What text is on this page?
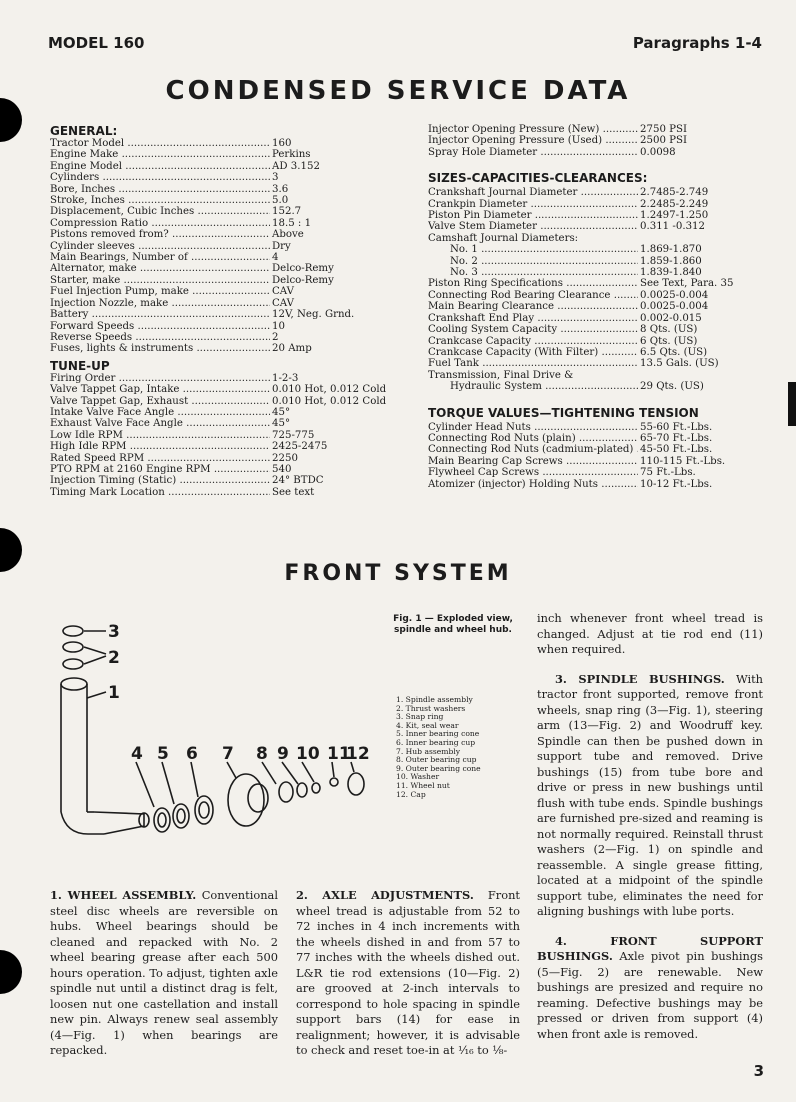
MODEL 160	Paragraphs 1-4
CONDENSED SERVICE DATA
GENERAL:
Tractor Model .....	160
Engine Make .....	Perkins
Engine Model .....	AD 3.152
Cylinders .....	3
Bore, Inches .....	3.6
Stroke, Inches .....	5.0
Displacement, Cubic Inches .....	152.7
Compression Ratio .....	18.5 : 1
Pistons removed from? .....	Above
Cylinder sleeves .....	Dry
Main Bearings, Number of .....	4
Alternator, make .....	Delco-Remy
Starter, make .....	Delco-Remy
Fuel Injection Pump, make .....	CAV
Injection Nozzle, make .....	CAV
Battery .....	12V, Neg. Grnd.
Forward Speeds .....	10
Reverse Speeds .....	2
Fuses, lights & instruments .....	20 Amp
TUNE-UP
Firing Order .....	1-2-3
Valve Tappet Gap, Intake .....	0.010 Hot, 0.012 Cold
Valve Tappet Gap, Exhaust .....	0.010 Hot, 0.012 Cold
Intake Valve Face Angle .....	45°
Exhaust Valve Face Angle .....	45°
Low Idle RPM .....	725-775
High Idle RPM .....	2425-2475
Rated Speed RPM .....	2250
PTO RPM at 2160 Engine RPM .....	540
Injection Timing (Static) .....	24° BTDC
Timing Mark Location .....	See text
Injector Opening Pressure (New) .....	2750 PSI
Injector Opening Pressure (Used) .....	2500 PSI
Spray Hole Diameter .....	0.0098
SIZES-CAPACITIES-CLEARANCES:
Crankshaft Journal Diameter .....	2.7485-2.749
Crankpin Diameter .....	2.2485-2.249
Piston Pin Diameter .....	1.2497-1.250
Valve Stem Diameter .....	0.311 -0.312
Camshaft Journal Diameters:
No. 1 .....	1.869-1.870
No. 2 .....	1.859-1.860
No. 3 .....	1.839-1.840
Piston Ring Specifications .....	See Text, Para. 35
Connecting Rod Bearing Clearance .....	0.0025-0.004
Main Bearing Clearance .....	0.0025-0.004
Crankshaft End Play .....	0.002-0.015
Cooling System Capacity .....	8 Qts. (US)
Crankcase Capacity .....	6 Qts. (US)
Crankcase Capacity (With Filter) .....	6.5 Qts. (US)
Fuel Tank .....	13.5 Gals. (US)
Transmission, Final Drive &
Hydraulic System .....	29 Qts. (US)
TORQUE VALUES—TIGHTENING TENSION
Cylinder Head Nuts .....	55-60 Ft.-Lbs.
Connecting Rod Nuts (plain) .....	65-70 Ft.-Lbs.
Connecting Rod Nuts (cadmium-plated) ..... 45-50 Ft.-Lbs.
Main Bearing Cap Screws .....	110-115 Ft.-Lbs.
Flywheel Cap Screws .....	75 Ft.-Lbs.
Atomizer (injector) Holding Nuts .....	10-12 Ft.-Lbs.
FRONT SYSTEM
3
2
1
4 5 6 7 8 9 10 11
12
Fig. 1 — Exploded view,
spindle and wheel hub.
1. Spindle assembly
2. Thrust washers
3. Snap ring
4. Kit, seal wear
5. Inner bearing cone
6. Inner bearing cup
7. Hub assembly
8. Outer bearing cup
9. Outer bearing cone
10. Washer
11. Wheel nut
12. Cap
1. WHEEL ASSEMBLY. Conventional steel disc wheels are reversible on hubs. Wheel bearings should be cleaned and repacked with No. 2 wheel bearing grease after each 500 hours operation. To adjust, tighten axle spindle nut until a distinct drag is felt, loosen nut one castellation and install new pin. Always renew seal assembly (4—Fig. 1) when bearings are repacked.
2. AXLE ADJUSTMENTS. Front wheel tread is adjustable from 52 to 72 inches in 4 inch increments with the wheels dished in and from 57 to 77 inches with the wheels dished out. L&R tie rod extensions (10—Fig. 2) are grooved at 2-inch intervals to correspond to hole spacing in spindle support bars (14) for ease in realignment; however, it is advisable to check and reset toe-in at ¹⁄₁₆ to ⅛-
inch whenever front wheel tread is changed. Adjust at tie rod end (11) when required.
3. SPINDLE BUSHINGS. With tractor front supported, remove front wheels, snap ring (3—Fig. 1), steering arm (13—Fig. 2) and Woodruff key. Spindle can then be pushed down in support tube and removed. Drive bushings (15) from tube bore and drive or press in new bushings until flush with tube ends. Spindle bushings are furnished pre-sized and reaming is not normally required. Reinstall thrust washers (2—Fig. 1) on spindle and reassemble. A single grease fitting, located at a midpoint of the spindle support tube, eliminates the need for aligning bushings with lube ports.
4. FRONT SUPPORT BUSHINGS. Axle pivot pin bushings (5—Fig. 2) are renewable. New bushings are presized and require no reaming. Defective bushings may be pressed or driven from support (4) when front axle is removed.
3
